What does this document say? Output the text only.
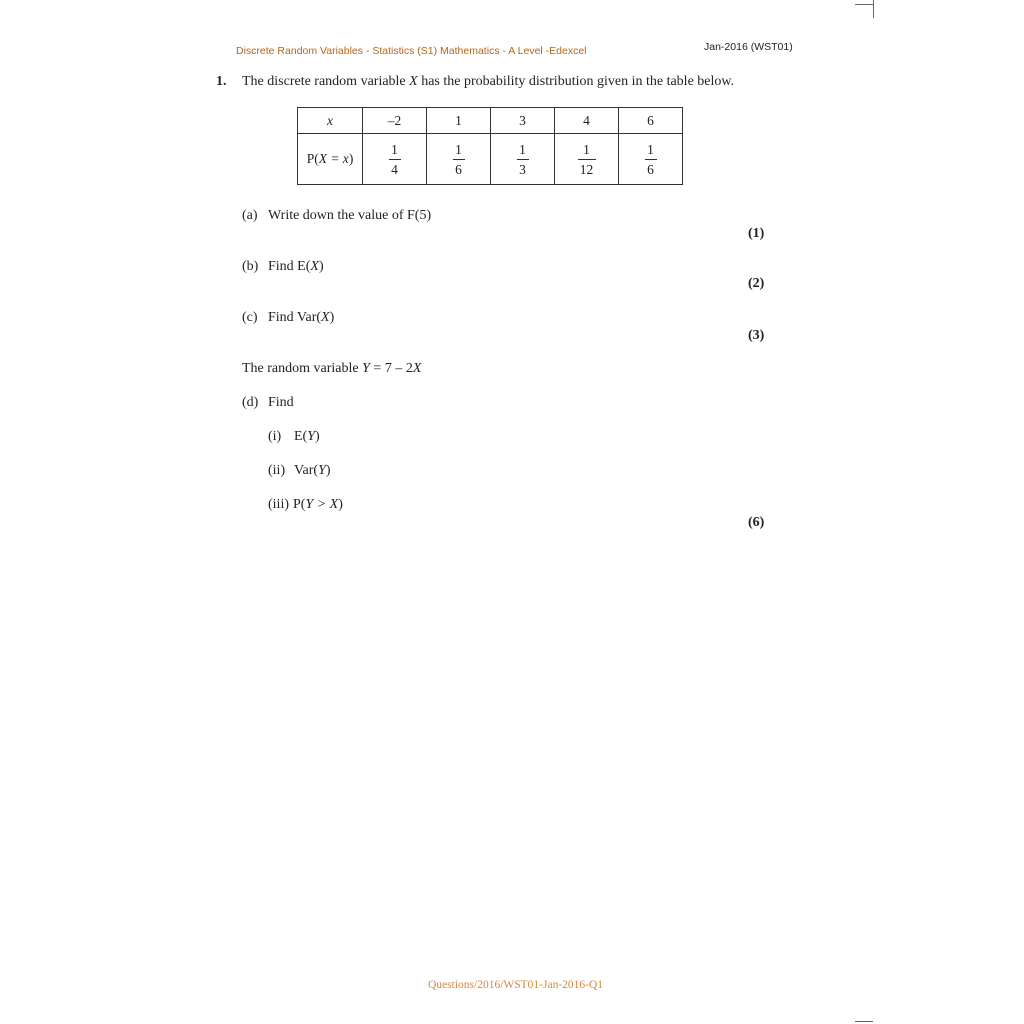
Discrete Random Variables - Statistics (S1) Mathematics - A Level -Edexcel	Jan-2016 (WST01)
1. The discrete random variable X has the probability distribution given in the table below.
x	–2	1	3	4	6
P(X = x)	$\frac{1}{4}$	$\frac{1}{6}$	$\frac{1}{3}$	$\frac{1}{12}$	$\frac{1}{6}$
(a) Write down the value of F(5)
(1)
(b) Find E(X)
(2)
(c) Find Var(X)
(3)
The random variable Y = 7 – 2X
(d) Find
(i) E(Y)
(ii) Var(Y)
(iii) P(Y > X)
(6)
Questions/2016/WST01-Jan-2016-Q1
